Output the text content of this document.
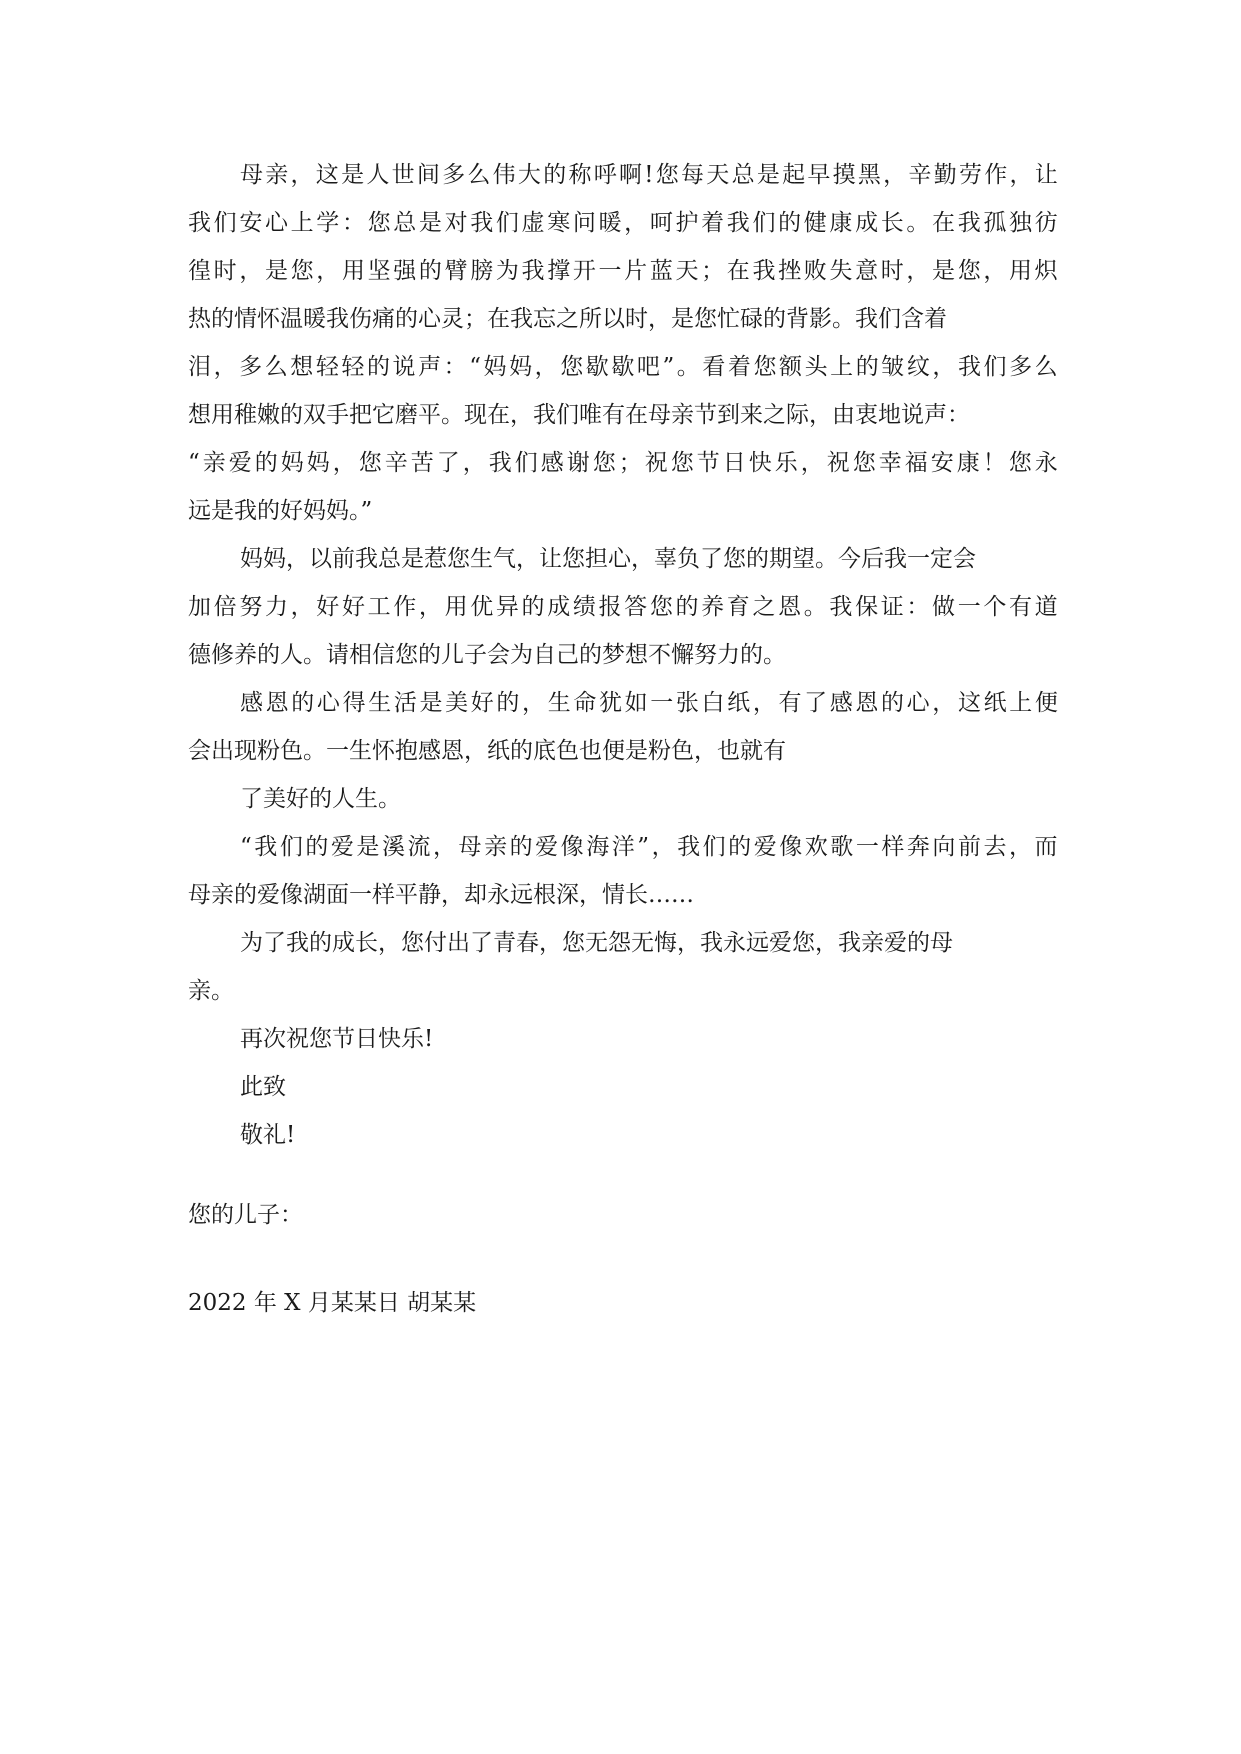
母 亲 ， 这 是 人 世 间 多 么 伟 大 的 称 呼 啊 ! 您 每 天 总 是 起 早 摸 黑 ， 辛 勤 劳 作 ， 让
我 们 安 心 上 学 ： 您 总 是 对 我 们 虚 寒 问 暖 ， 呵 护 着 我 们 的 健 康 成 长 。 在 我 孤 独 彷
徨 时 ， 是 您 ， 用 坚 强 的 臂 膀 为 我 撑 开 一 片 蓝 天 ； 在 我 挫 败 失 意 时 ， 是 您 ， 用 炽
热的情怀温暖我伤痛的心灵；在我忘之所以时，是您忙碌的背影。我们含着
泪 ， 多 么 想 轻 轻 的 说 声 ： “ 妈 妈 ， 您 歇 歇 吧 ” 。 看 着 您 额 头 上 的 皱 纹 ， 我 们 多 么
想用稚嫩的双手把它磨平。现在，我们唯有在母亲节到来之际，由衷地说声：
“ 亲 爱 的 妈 妈 ， 您 辛 苦 了 ， 我 们 感 谢 您 ； 祝 您 节 日 快 乐 ， 祝 您 幸 福 安 康 ！ 您 永
远是我的好妈妈。”
妈妈，以前我总是惹您生气，让您担心，辜负了您的期望。今后我一定会
加 倍 努 力 ， 好 好 工 作 ， 用 优 异 的 成 绩 报 答 您 的 养 育 之 恩 。 我 保 证 ： 做 一 个 有 道
德修养的人。请相信您的儿子会为自己的梦想不懈努力的。
感 恩 的 心 得 生 活 是 美 好 的 ， 生 命 犹 如 一 张 白 纸 ， 有 了 感 恩 的 心 ， 这 纸 上 便
会出现粉色。一生怀抱感恩，纸的底色也便是粉色，也就有
了美好的人生。
“ 我 们 的 爱 是 溪 流 ， 母 亲 的 爱 像 海 洋 ” ， 我 们 的 爱 像 欢 歌 一 样 奔 向 前 去 ， 而
母亲的爱像湖面一样平静，却永远根深，情长……
为了我的成长，您付出了青春，您无怨无悔，我永远爱您，我亲爱的母
亲。
再次祝您节日快乐!
此致
敬礼!
您的儿子：
2022 年 X 月某某日 胡某某
